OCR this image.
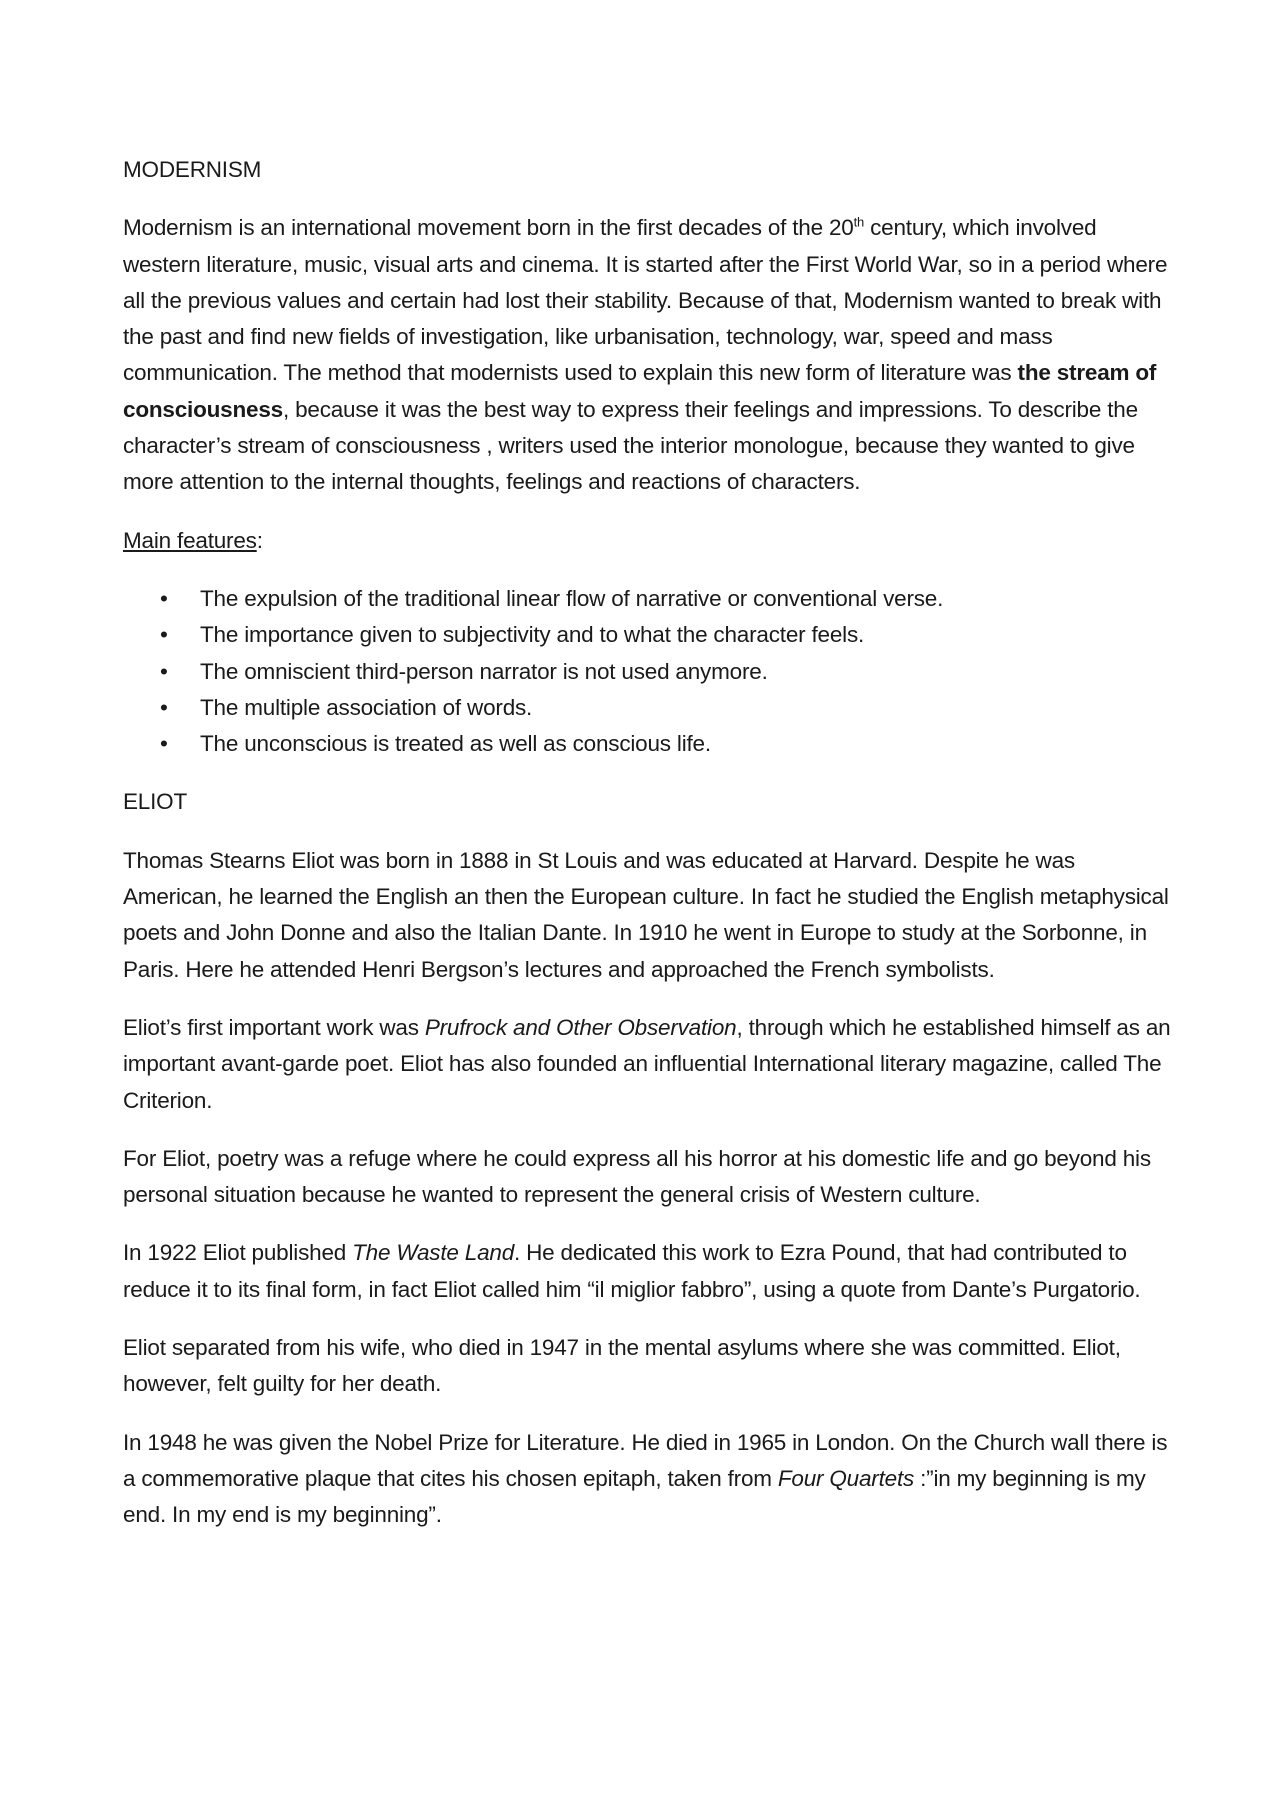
MODERNISM

Modernism is an international movement born in the first decades of the 20th century, which involved western literature, music, visual arts and cinema. It is started after the First World War, so in a period where all the previous values and certain had lost their stability. Because of that, Modernism wanted to break with the past and find new fields of investigation, like urbanisation, technology, war, speed and mass communication. The method that modernists used to explain this new form of literature was the stream of consciousness, because it was the best way to express their feelings and impressions. To describe the character’s stream of consciousness , writers used the interior monologue, because they wanted to give more attention to the internal thoughts, feelings and reactions of characters.

Main features:

• The expulsion of the traditional linear flow of narrative or conventional verse.
• The importance given to subjectivity and to what the character feels.
• The omniscient third-person narrator is not used anymore.
• The multiple association of words.
• The unconscious is treated as well as conscious life.

ELIOT

Thomas Stearns Eliot was born in 1888 in St Louis and was educated at Harvard. Despite he was American, he learned the English an then the European culture. In fact he studied the English metaphysical poets and John Donne and also the Italian Dante. In 1910 he went in Europe to study at the Sorbonne, in Paris. Here he attended Henri Bergson’s lectures and approached the French symbolists.

Eliot’s first important work was Prufrock and Other Observation, through which he established himself as an important avant-garde poet. Eliot has also founded an influential International literary magazine, called The Criterion.

For Eliot, poetry was a refuge where he could express all his horror at his domestic life and go beyond his personal situation because he wanted to represent the general crisis of Western culture.

In 1922 Eliot published The Waste Land. He dedicated this work to Ezra Pound, that had contributed to reduce it to its final form, in fact Eliot called him “il miglior fabbro”, using a quote from Dante’s Purgatorio.

Eliot separated from his wife, who died in 1947 in the mental asylums where she was committed. Eliot, however, felt guilty for her death.

In 1948 he was given the Nobel Prize for Literature. He died in 1965 in London. On the Church wall there is a commemorative plaque that cites his chosen epitaph, taken from Four Quartets :”in my beginning is my end. In my end is my beginning”.
